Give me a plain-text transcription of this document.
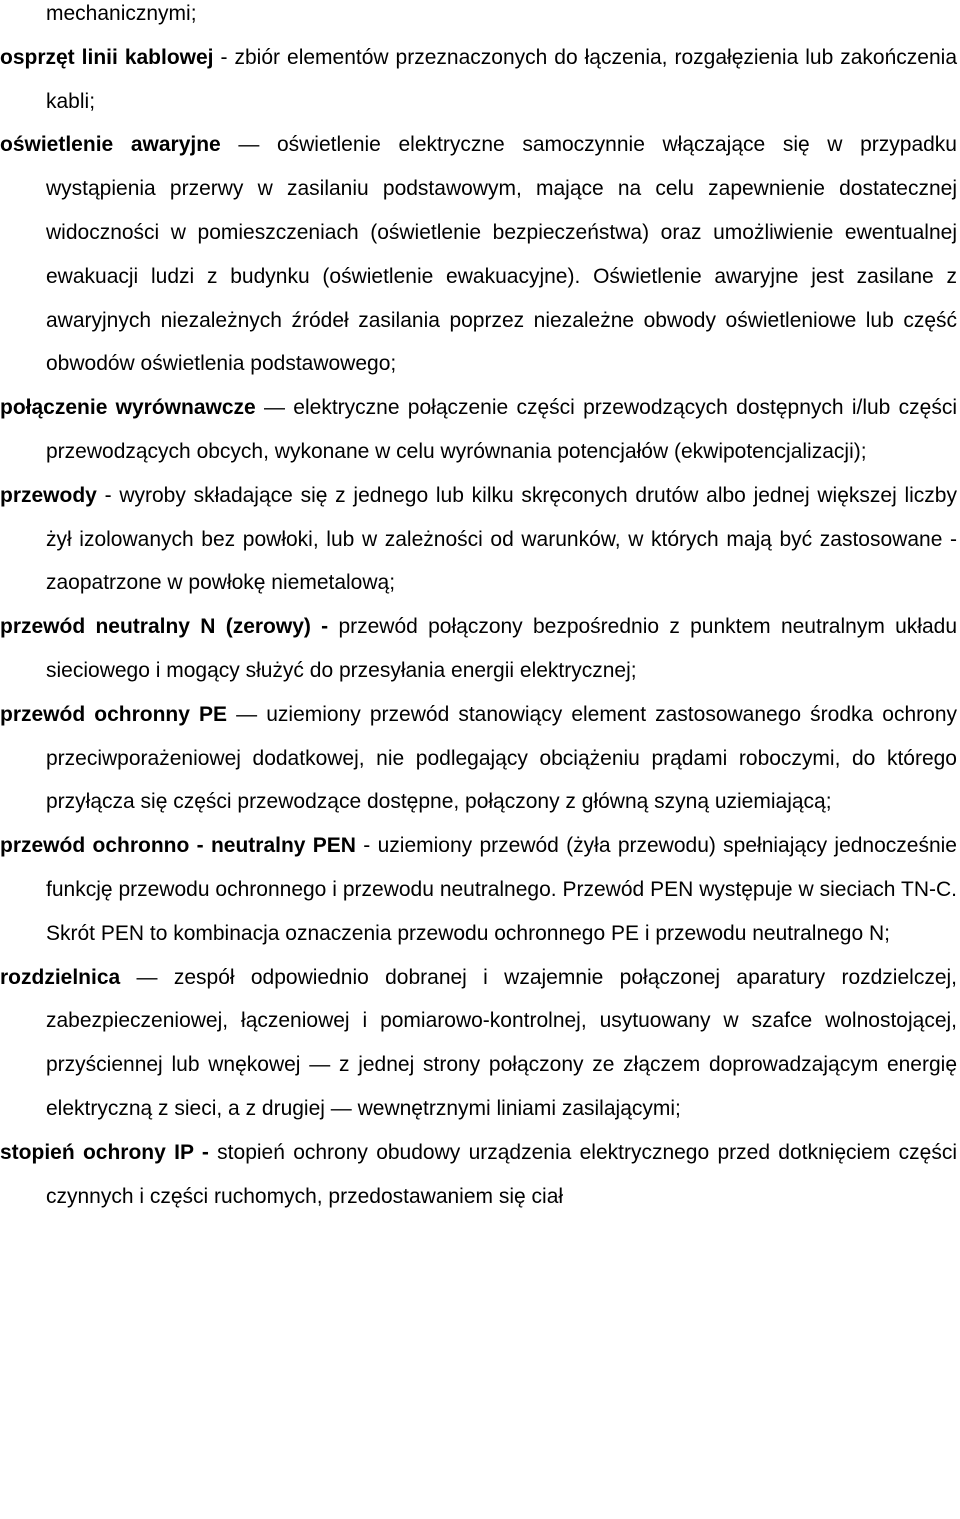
mechanicznymi;

osprzęt linii kablowej - zbiór elementów przeznaczonych do łączenia, rozgałęzienia lub zakończenia kabli;

oświetlenie awaryjne — oświetlenie elektryczne samoczynnie włączające się w przypadku wystąpienia przerwy w zasilaniu podstawowym, mające na celu zapewnienie dostatecznej widoczności w pomieszczeniach (oświetlenie bezpieczeństwa) oraz umożliwienie ewentualnej ewakuacji ludzi z budynku (oświetlenie ewakuacyjne). Oświetlenie awaryjne jest zasilane z awaryjnych niezależnych źródeł zasilania poprzez niezależne obwody oświetleniowe lub część obwodów oświetlenia podstawowego;

połączenie wyrównawcze — elektryczne połączenie części przewodzących dostępnych i/lub części przewodzących obcych, wykonane w celu wyrównania potencjałów (ekwipotencjalizacji);

przewody - wyroby składające się z jednego lub kilku skręconych drutów albo jednej większej liczby żył izolowanych bez powłoki, lub w zależności od warunków, w których mają być zastosowane - zaopatrzone w powłokę niemetalową;

przewód neutralny N (zerowy) - przewód połączony bezpośrednio z punktem neutralnym układu sieciowego i mogący służyć do przesyłania energii elektrycznej;

przewód ochronny PE — uziemiony przewód stanowiący element zastosowanego środka ochrony przeciwporażeniowej dodatkowej, nie podlegający obciążeniu prądami roboczymi, do którego przyłącza się części przewodzące dostępne, połączony z główną szyną uziemiającą;

przewód ochronno - neutralny PEN - uziemiony przewód (żyła przewodu) spełniający jednocześnie funkcję przewodu ochronnego i przewodu neutralnego. Przewód PEN występuje w sieciach TN-C. Skrót PEN to kombinacja oznaczenia przewodu ochronnego PE i przewodu neutralnego N;

rozdzielnica — zespół odpowiednio dobranej i wzajemnie połączonej aparatury rozdzielczej, zabezpieczeniowej, łączeniowej i pomiarowo-kontrolnej, usytuowany w szafce wolnostojącej, przyściennej lub wnękowej — z jednej strony połączony ze złączem doprowadzającym energię elektryczną z sieci, a z drugiej — wewnętrznymi liniami zasilającymi;

stopień ochrony IP - stopień ochrony obudowy urządzenia elektrycznego przed dotknięciem części czynnych i części ruchomych, przedostawaniem się ciał
